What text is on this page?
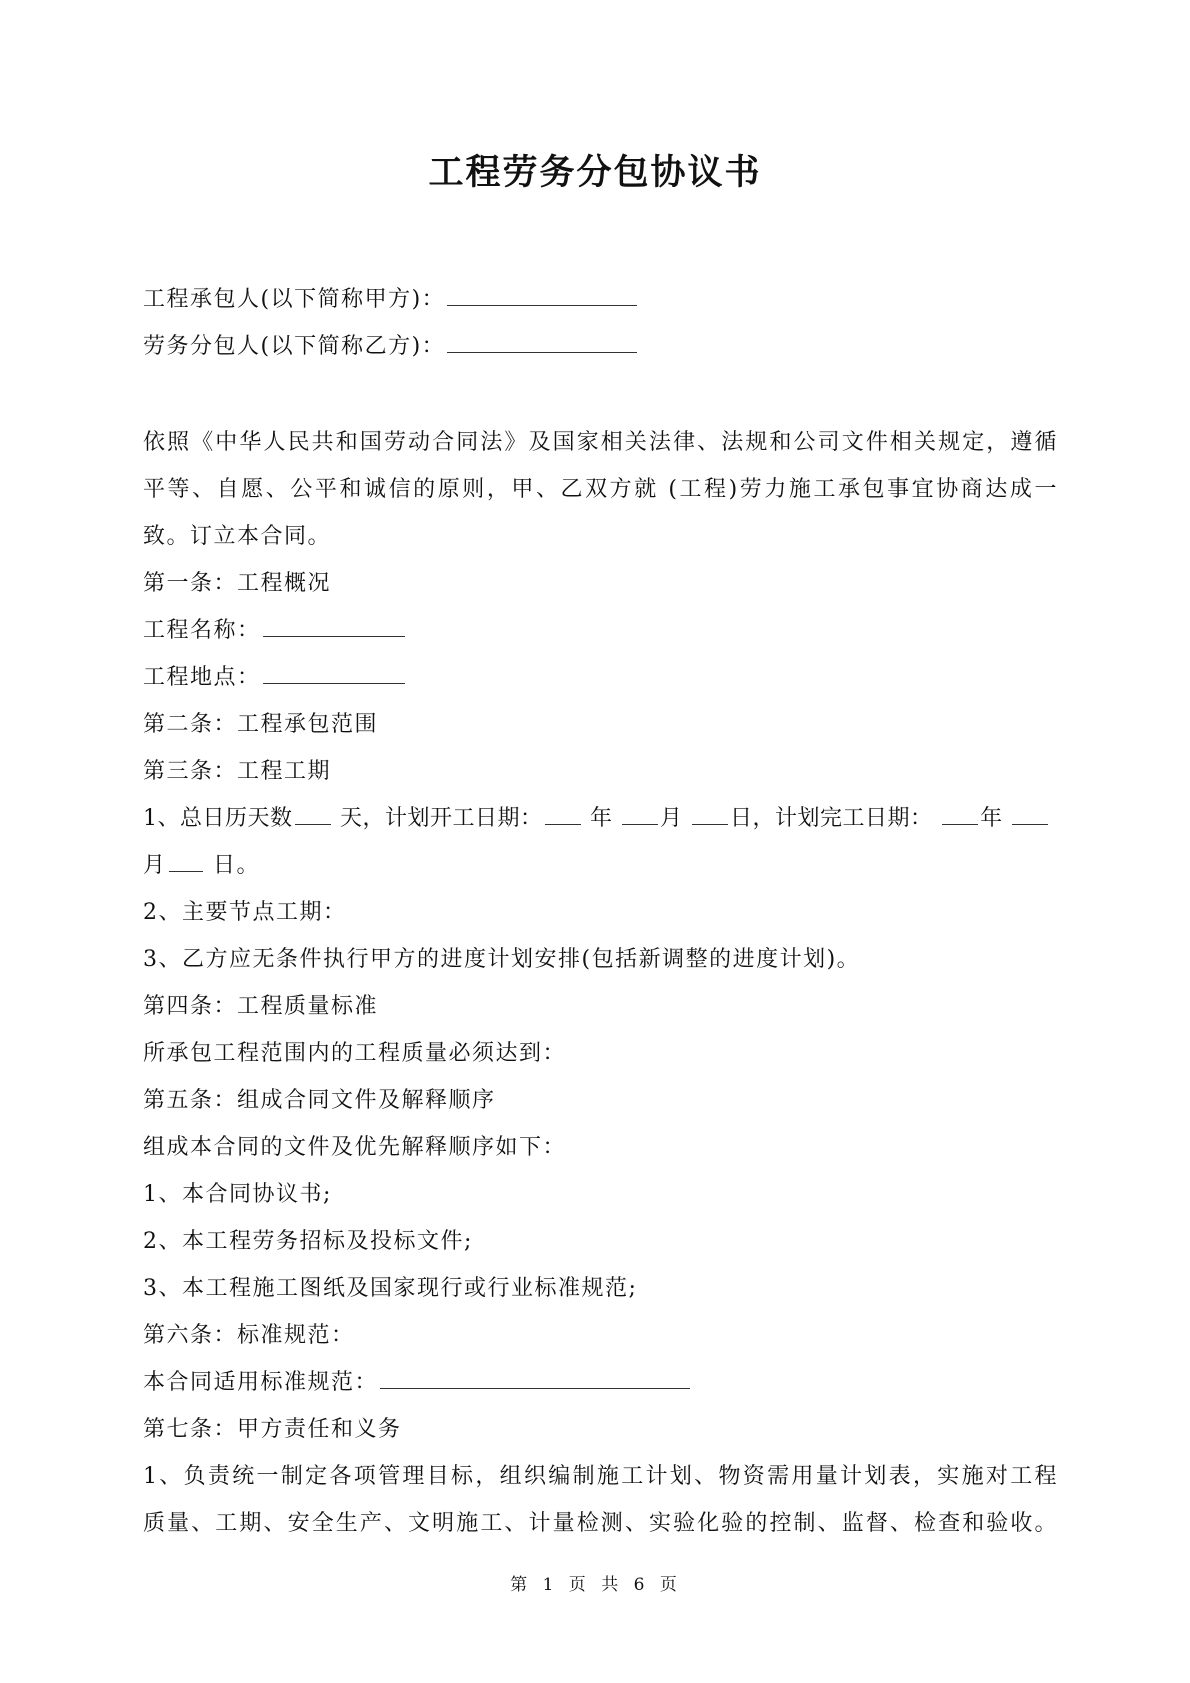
工程劳务分包协议书
工程承包人(以下简称甲方)：
劳务分包人(以下简称乙方)：
依照《中华人民共和国劳动合同法》及国家相关法律、法规和公司文件相关规定，遵循
平等、自愿、公平和诚信的原则，甲、乙双方就 (工程)劳力施工承包事宜协商达成一
致。订立本合同。
第一条：工程概况
工程名称：
工程地点：
第二条：工程承包范围
第三条：工程工期
1、总日历天数 天，计划开工日期： 年 月 日，计划完工日期： 年
月 日。
2、主要节点工期：
3、乙方应无条件执行甲方的进度计划安排(包括新调整的进度计划)。
第四条：工程质量标准
所承包工程范围内的工程质量必须达到：
第五条：组成合同文件及解释顺序
组成本合同的文件及优先解释顺序如下：
1、本合同协议书;
2、本工程劳务招标及投标文件;
3、本工程施工图纸及国家现行或行业标准规范;
第六条：标准规范：
本合同适用标准规范：
第七条：甲方责任和义务
1、负责统一制定各项管理目标，组织编制施工计划、物资需用量计划表，实施对工程
质量、工期、安全生产、文明施工、计量检测、实验化验的控制、监督、检查和验收。
第 1 页 共 6 页
